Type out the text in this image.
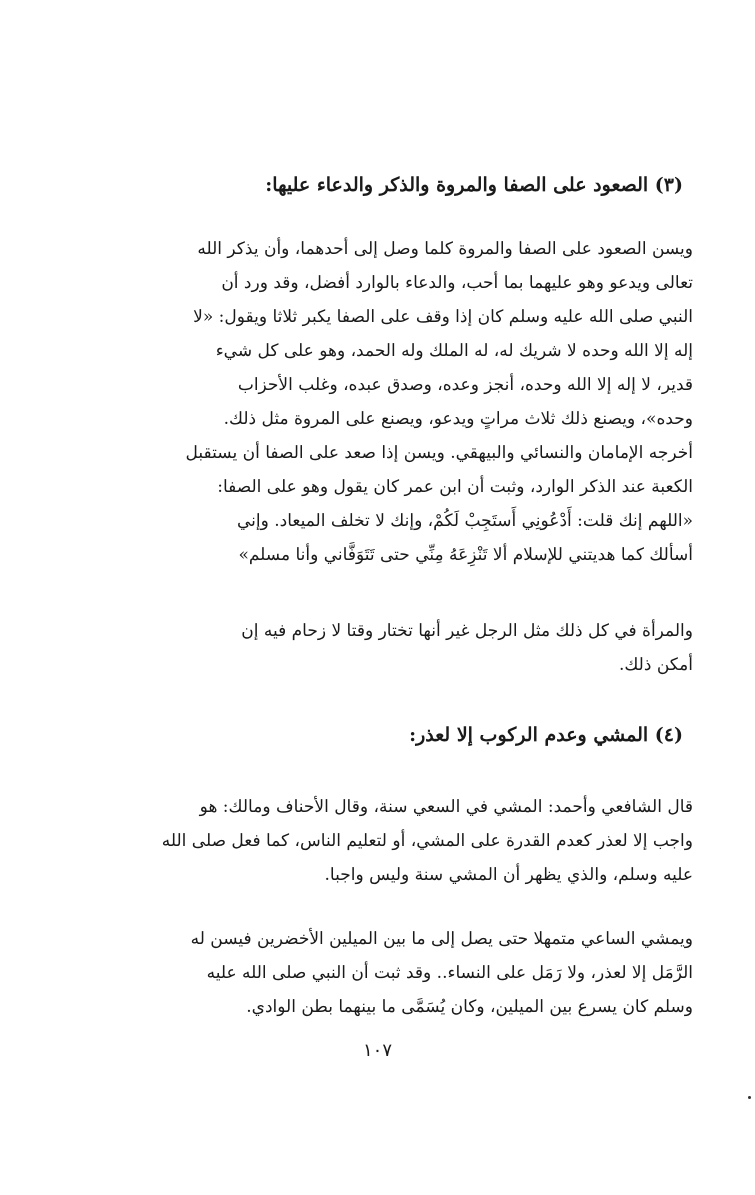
(٣) الصعود على الصفا والمروة والذكر والدعاء عليها:
ويسن الصعود على الصفا والمروة كلما وصل إلى أحدهما، وأن يذكر الله
تعالى ويدعو وهو عليهما بما أحب، والدعاء بالوارد أفضل، وقد ورد أن
النبي صلى الله عليه وسلم كان إذا وقف على الصفا يكبر ثلاثا ويقول: «لا
إله إلا الله وحده لا شريك له، له الملك وله الحمد، وهو على كل شيء
قدير، لا إله إلا الله وحده، أنجز وعده، وصدق عبده، وغلب الأحزاب
وحده»، ويصنع ذلك ثلاث مراتٍ ويدعو، ويصنع على المروة مثل ذلك.
أخرجه الإمامان والنسائي والبيهقي. ويسن إذا صعد على الصفا أن يستقبل
الكعبة عند الذكر الوارد، وثبت أن ابن عمر كان يقول وهو على الصفا:
«اللهم إنك قلت: أَدْعُونِي أَستَجِبْ لَكُمْ، وإنك لا تخلف الميعاد. وإني
أسألك كما هديتني للإسلام ألا تَنْزِعَهُ مِنِّي حتى تَتَوَفَّاني وأنا مسلم»
والمرأة في كل ذلك مثل الرجل غير أنها تختار وقتا لا زحام فيه إن
أمكن ذلك.
(٤) المشي وعدم الركوب إلا لعذر:
قال الشافعي وأحمد: المشي في السعي سنة، وقال الأحناف ومالك: هو
واجب إلا لعذر كعدم القدرة على المشي، أو لتعليم الناس، كما فعل صلى الله
عليه وسلم، والذي يظهر أن المشي سنة وليس واجبا.
ويمشي الساعي متمهلا حتى يصل إلى ما بين الميلين الأخضرين فيسن له
الرَّمَل إلا لعذر، ولا رَمَل على النساء.. وقد ثبت أن النبي صلى الله عليه
وسلم كان يسرع بين الميلين، وكان يُسَمَّى ما بينهما بطن الوادي.
١٠٧
